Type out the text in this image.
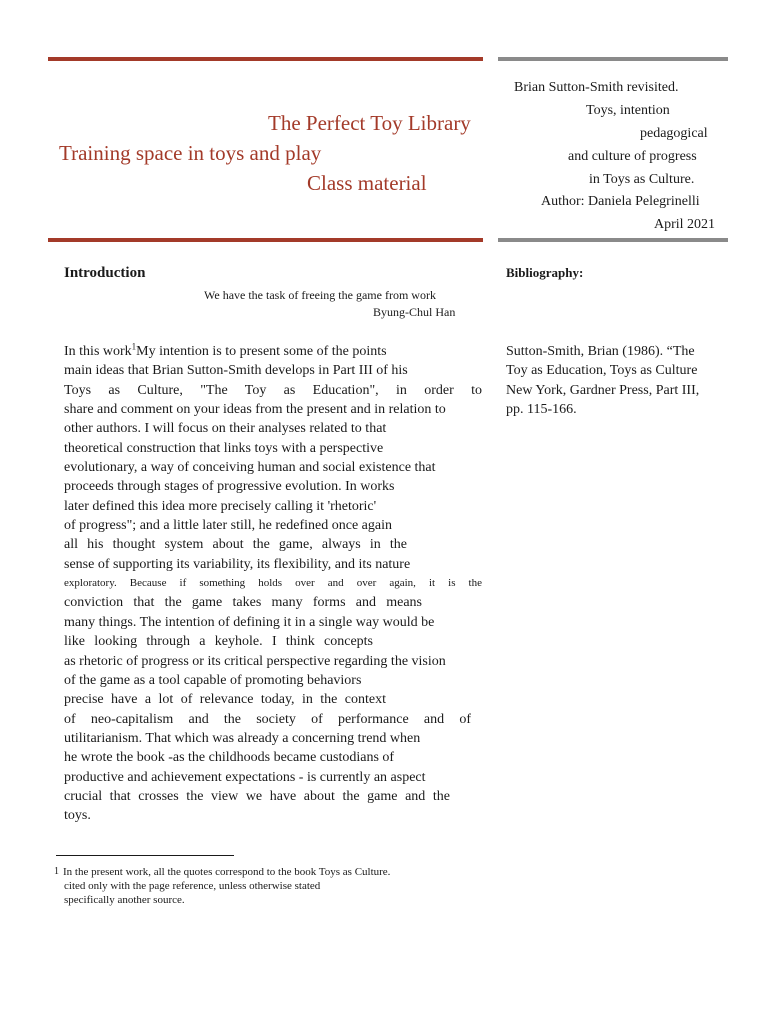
The Perfect Toy Library
Training space in toys and play
Class material
Brian Sutton-Smith revisited.
Toys, intention
pedagogical
and culture of progress
in Toys as Culture.
Author: Daniela Pelegrinelli
April 2021
Introduction
We have the task of freeing the game from work
Byung-Chul Han
In this work$^1$My intention is to present some of the points
main ideas that Brian Sutton-Smith develops in Part III of his
Toys as Culture, "The Toy as Education", in order to
share and comment on your ideas from the present and in relation to
other authors. I will focus on their analyses related to that
theoretical construction that links toys with a perspective
evolutionary, a way of conceiving human and social existence that
proceeds through stages of progressive evolution. In works
later defined this idea more precisely calling it 'rhetoric'
of progress"; and a little later still, he redefined once again
all his thought system about the game, always in the
sense of supporting its variability, its flexibility, and its nature
exploratory. Because if something holds over and over again, it is the
conviction that the game takes many forms and means
many things. The intention of defining it in a single way would be
like looking through a keyhole. I think concepts
as rhetoric of progress or its critical perspective regarding the vision
of the game as a tool capable of promoting behaviors
precise have a lot of relevance today, in the context
of neo-capitalism and the society of performance and of
utilitarianism. That which was already a concerning trend when
he wrote the book -as the childhoods became custodians of
productive and achievement expectations - is currently an aspect
crucial that crosses the view we have about the game and the
toys.
1 In the present work, all the quotes correspond to the book Toys as Culture.
cited only with the page reference, unless otherwise stated
specifically another source.
Bibliography:
Sutton-Smith, Brian (1986). “The
Toy as Education, Toys as Culture
New York, Gardner Press, Part III,
pp. 115-166.
